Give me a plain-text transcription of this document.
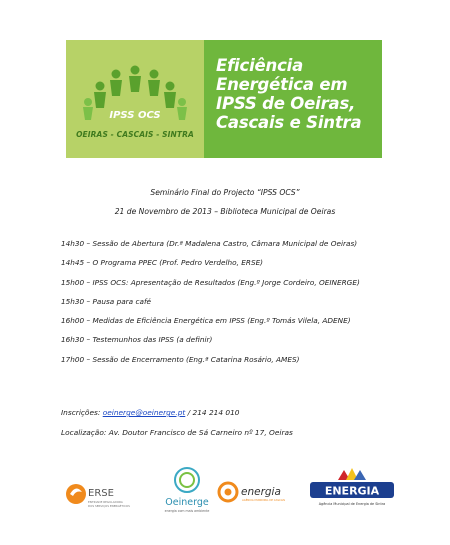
IPSS OCS
OEIRAS - CASCAIS - SINTRA
Eficiência
Energética em
IPSS de Oeiras,
Cascais e Sintra
Seminário Final do Projecto “IPSS OCS”
21 de Novembro de 2013 – Biblioteca Municipal de Oeiras
14h30 – Sessão de Abertura (Dr.ª Madalena Castro, Câmara Municipal de Oeiras)
14h45 – O Programa PPEC (Prof. Pedro Verdelho, ERSE)
15h00 – IPSS OCS: Apresentação de Resultados (Eng.º Jorge Cordeiro, OEINERGE)
15h30 – Pausa para café
16h00 – Medidas de Eficiência Energética em IPSS (Eng.º Tomás Vilela, ADENE)
16h30 – Testemunhos das IPSS (a definir)
17h00 – Sessão de Encerramento (Eng.ª Catarina Rosário, AMES)
Inscrições: oeinerge@oeinerge.pt / 214 214 010
Localização: Av. Doutor Francisco de Sá Carneiro nº 17, Oeiras
ERSE
ENTIDADE REGULADORA
DOS SERVIÇOS ENERGÉTICOS	Oeinerge
energia com mais ambiente
energia
AGÊNCIA MUNICIPAL DE CASCAIS
ENERGIA
Agência Municipal de Energia de Sintra
